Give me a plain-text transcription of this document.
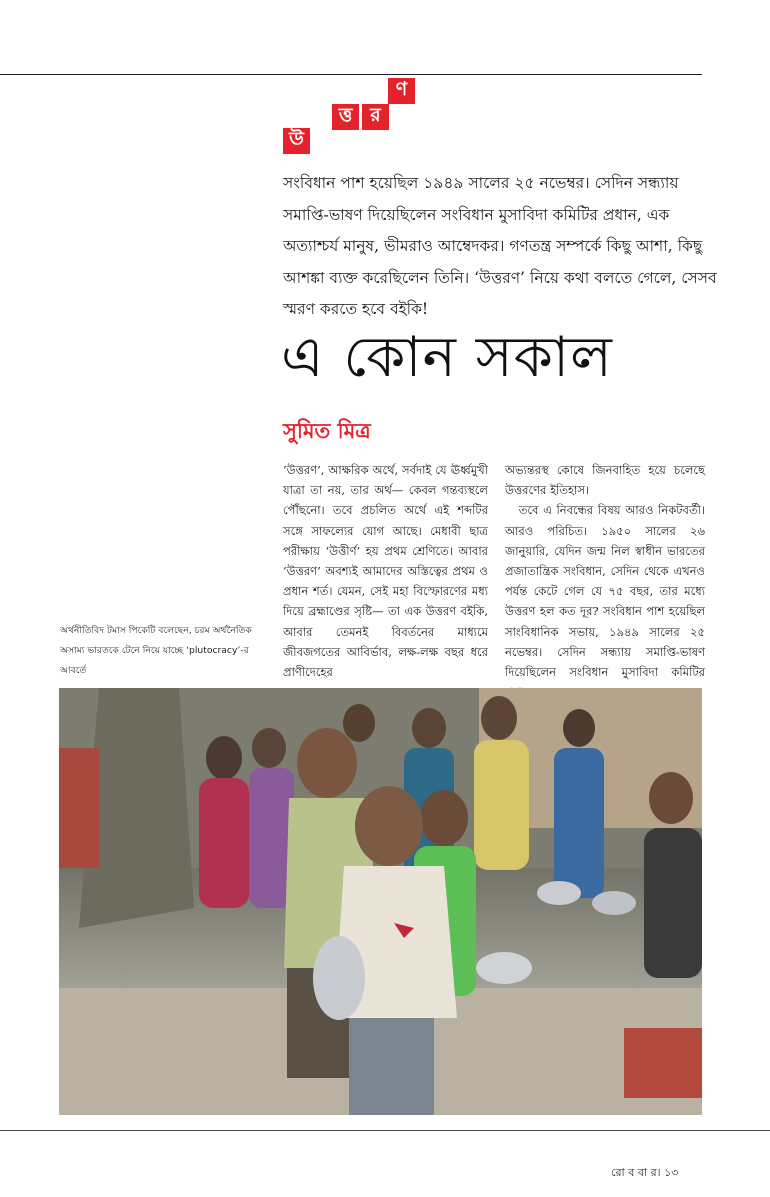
উ
ত্ত র
ণ

সংবিধান পাশ হয়েছিল ১৯৪৯ সালের ২৫ নভেম্বর। সেদিন সন্ধ্যায় সমাপ্তি-ভাষণ দিয়েছিলেন সংবিধান মুসাবিদা কমিটির প্রধান, এক অত্যাশ্চর্য মানুষ, ভীমরাও আম্বেদকর। গণতন্ত্র সম্পর্কে কিছু আশা, কিছু আশঙ্কা ব্যক্ত করেছিলেন তিনি। ‘উত্তরণ’ নিয়ে কথা বলতে গেলে, সেসব স্মরণ করতে হবে বইকি!

এ কোন সকাল
সুমিত মিত্র

‘উত্তরণ’, আক্ষরিক অর্থে, সর্বদাই যে ঊর্ধ্বমুখী যাত্রা তা নয়, তার অর্থ— কেবল গন্তব্যস্থলে পৌঁছনো। তবে প্রচলিত অর্থে এই শব্দটির সঙ্গে সাফল্যের যোগ আছে। মেধাবী ছাত্র পরীক্ষায় ‘উত্তীর্ণ’ হয় প্রথম শ্রেণিতে। আবার ‘উত্তরণ’ অবশ্যই আমাদের অস্তিত্বের প্রথম ও প্রধান শর্ত। যেমন, সেই মহা বিস্ফোরণের মধ্য দিয়ে ব্রহ্মাণ্ডের সৃষ্টি— তা এক উত্তরণ বইকি, আবার তেমনই বিবর্তনের মাধ্যমে জীবজগতের আবির্ভাব, লক্ষ-লক্ষ বছর ধরে প্রাণীদেহের

অভ্যন্তরস্থ কোষে জিনবাহিত হয়ে চলেছে উত্তরণের ইতিহাস।

তবে এ নিবন্ধের বিষয় আরও নিকটবর্তী। আরও পরিচিত। ১৯৫০ সালের ২৬ জানুয়ারি, যেদিন জন্ম নিল স্বাধীন ভারতের প্রজাতান্ত্রিক সংবিধান, সেদিন থেকে এখনও পর্যন্ত কেটে গেল যে ৭৫ বছর, তার মধ্যে উত্তরণ হল কত দূর? সংবিধান পাশ হয়েছিল সাংবিধানিক সভায়, ১৯৪৯ সালের ২৫ নভেম্বর। সেদিন সন্ধ্যায় সমাপ্তি-ভাষণ দিয়েছিলেন সংবিধান মুসাবিদা কমিটির

অর্থনীতিবিদ টমাস পিকেটি বলেছেন, চরম অর্থনৈতিক অসাম্য ভারতকে টেনে নিয়ে যাচ্ছে ‘plutocracy’-র আবর্তে

রো ব বা র। ১৩
